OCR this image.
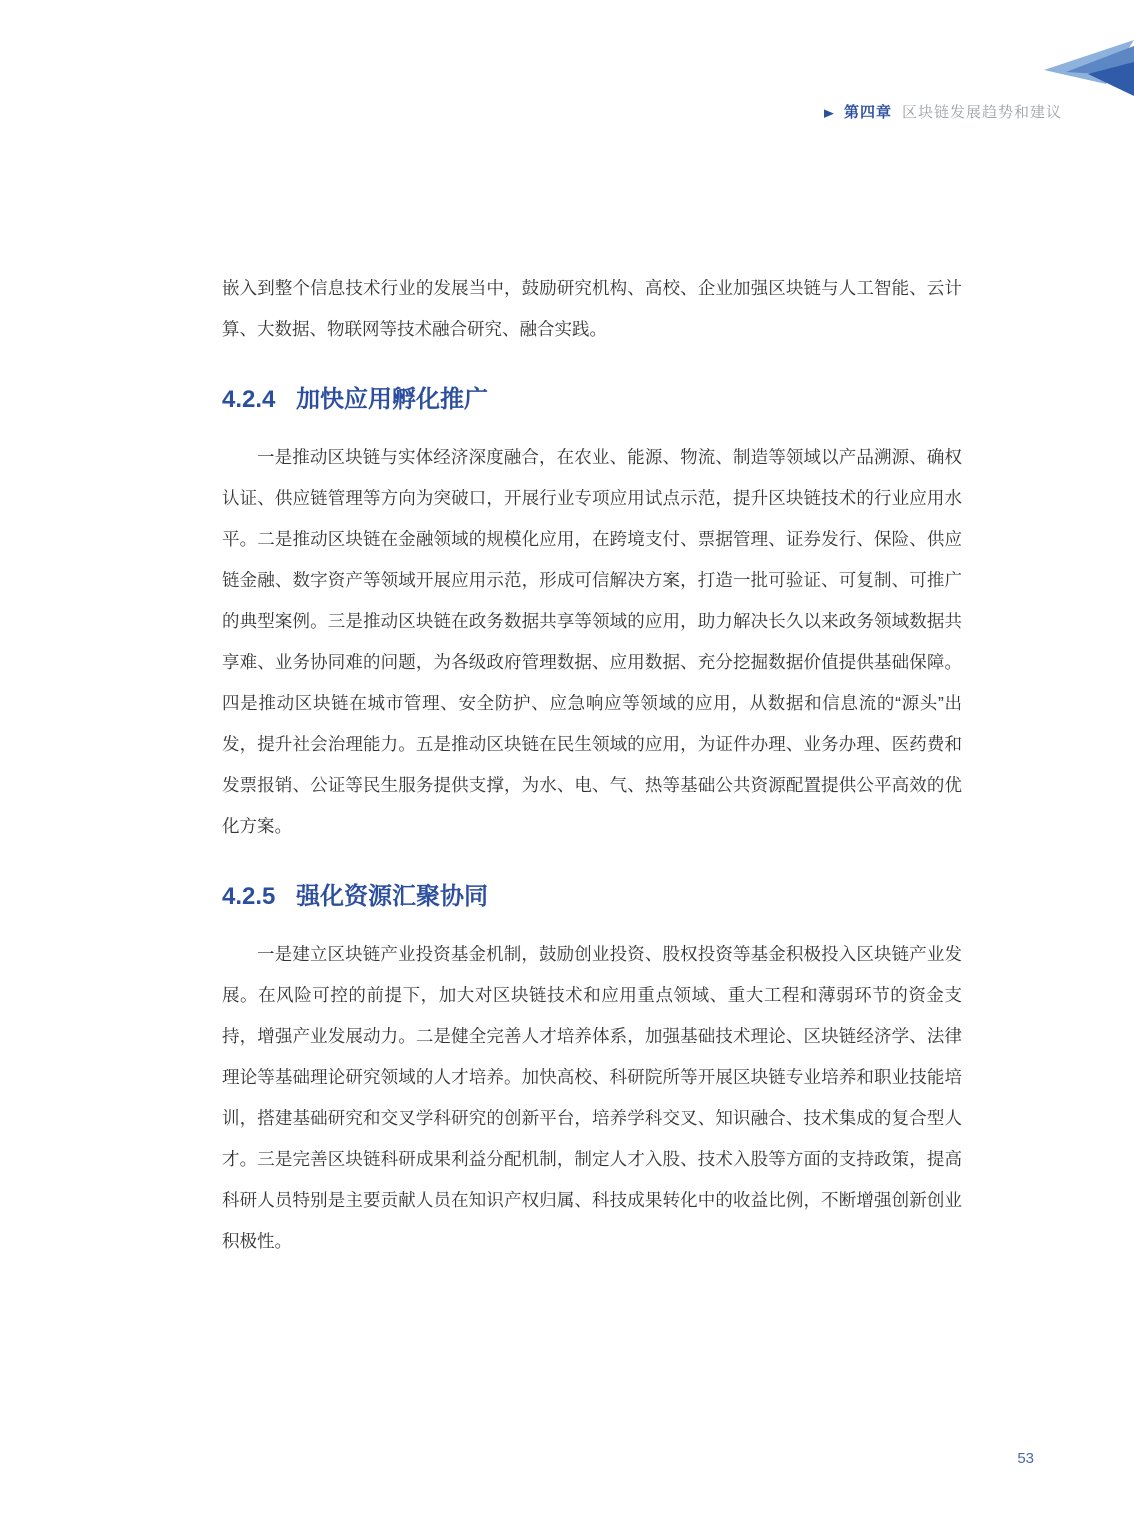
▶ 第四章 区块链发展趋势和建议

嵌入到整个信息技术行业的发展当中，鼓励研究机构、高校、企业加强区块链与人工智能、云计算、大数据、物联网等技术融合研究、融合实践。

4.2.4 加快应用孵化推广

一是推动区块链与实体经济深度融合，在农业、能源、物流、制造等领域以产品溯源、确权认证、供应链管理等方向为突破口，开展行业专项应用试点示范，提升区块链技术的行业应用水平。二是推动区块链在金融领域的规模化应用，在跨境支付、票据管理、证券发行、保险、供应链金融、数字资产等领域开展应用示范，形成可信解决方案，打造一批可验证、可复制、可推广的典型案例。三是推动区块链在政务数据共享等领域的应用，助力解决长久以来政务领域数据共享难、业务协同难的问题，为各级政府管理数据、应用数据、充分挖掘数据价值提供基础保障。四是推动区块链在城市管理、安全防护、应急响应等领域的应用，从数据和信息流的“源头”出发，提升社会治理能力。五是推动区块链在民生领域的应用，为证件办理、业务办理、医药费和发票报销、公证等民生服务提供支撑，为水、电、气、热等基础公共资源配置提供公平高效的优化方案。

4.2.5 强化资源汇聚协同

一是建立区块链产业投资基金机制，鼓励创业投资、股权投资等基金积极投入区块链产业发展。在风险可控的前提下，加大对区块链技术和应用重点领域、重大工程和薄弱环节的资金支持，增强产业发展动力。二是健全完善人才培养体系，加强基础技术理论、区块链经济学、法律理论等基础理论研究领域的人才培养。加快高校、科研院所等开展区块链专业培养和职业技能培训，搭建基础研究和交叉学科研究的创新平台，培养学科交叉、知识融合、技术集成的复合型人才。三是完善区块链科研成果利益分配机制，制定人才入股、技术入股等方面的支持政策，提高科研人员特别是主要贡献人员在知识产权归属、科技成果转化中的收益比例，不断增强创新创业积极性。

53
